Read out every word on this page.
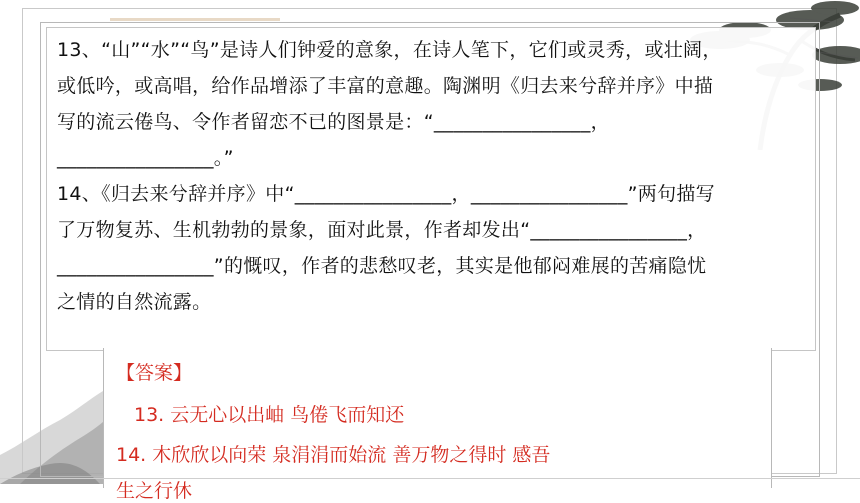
13、“山”“水”“鸟”是诗人们钟爱的意象，在诗人笔下，它们或灵秀，或壮阔，
或低吟，或高唱，给作品增添了丰富的意趣。陶渊明《归去来兮辞并序》中描
写的流云倦鸟、令作者留恋不已的图景是：“________________，
________________。”
14、《归去来兮辞并序》中“________________，________________”两句描写
了万物复苏、生机勃勃的景象，面对此景，作者却发出“________________，
________________”的慨叹，作者的悲愁叹老，其实是他郁闷难展的苦痛隐忧
之情的自然流露。
【答案】
13. 云无心以出岫 鸟倦飞而知还
14. 木欣欣以向荣 泉涓涓而始流 善万物之得时 感吾
生之行休
